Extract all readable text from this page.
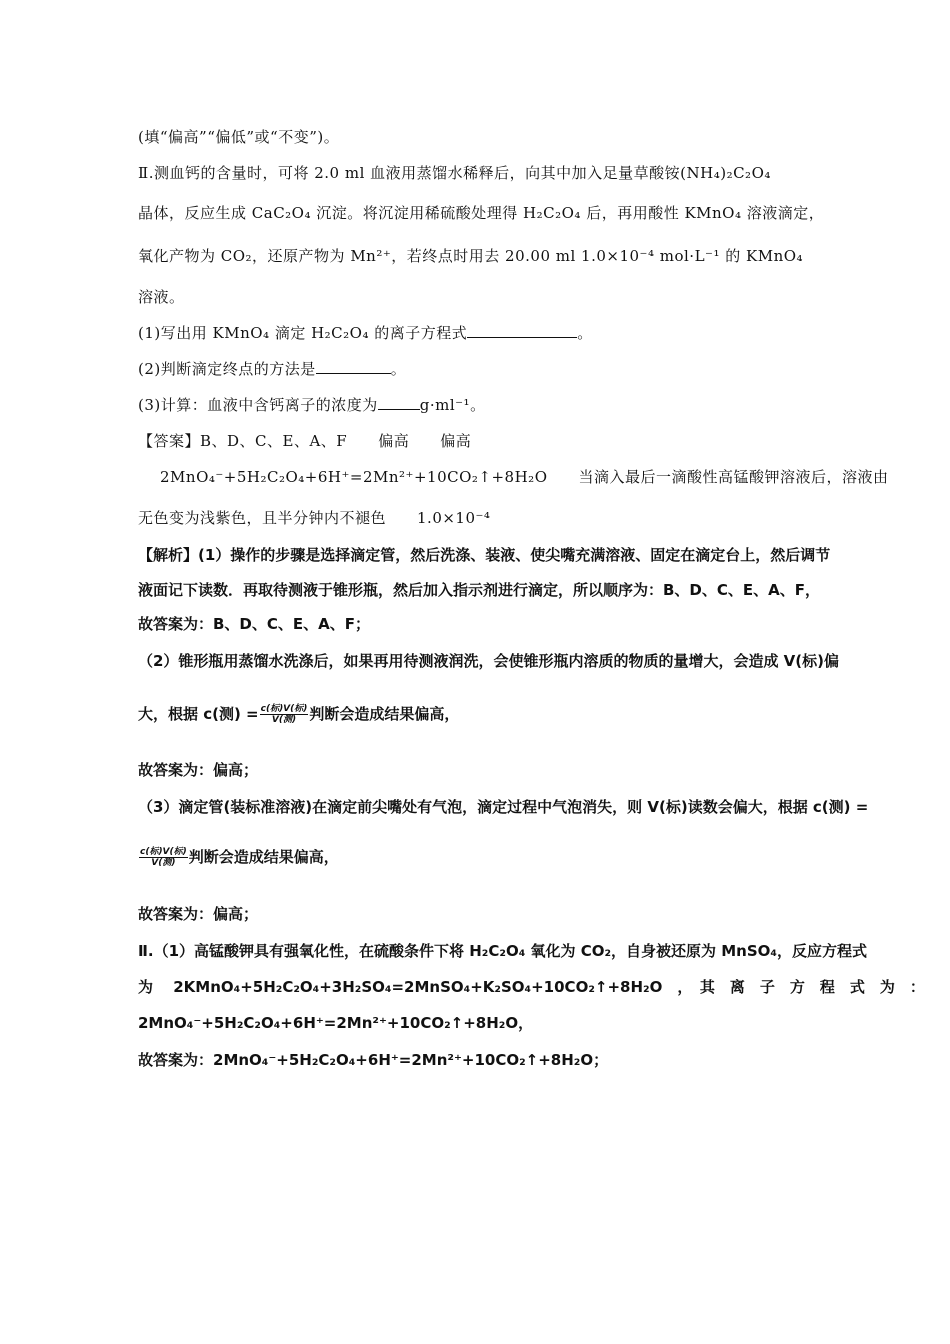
(填“偏高”“偏低”或“不变”)。
Ⅱ.测血钙的含量时，可将 2.0 ml 血液用蒸馏水稀释后，向其中加入足量草酸铵(NH₄)₂C₂O₄
晶体，反应生成 CaC₂O₄ 沉淀。将沉淀用稀硫酸处理得 H₂C₂O₄ 后，再用酸性 KMnO₄ 溶液滴定，
氧化产物为 CO₂，还原产物为 Mn²⁺，若终点时用去 20.00 ml 1.0×10⁻⁴ mol·L⁻¹ 的 KMnO₄
溶液。
(1)写出用 KMnO₄ 滴定 H₂C₂O₄ 的离子方程式	。
(2)判断滴定终点的方法是	。
(3)计算：血液中含钙离子的浓度为	g·ml⁻¹。
【答案】B、D、C、E、A、F　　偏高　　偏高
2MnO₄⁻+5H₂C₂O₄+6H⁺=2Mn²⁺+10CO₂↑+8H₂O　　当滴入最后一滴酸性高锰酸钾溶液后，溶液由
无色变为浅紫色，且半分钟内不褪色　　1.0×10⁻⁴
【解析】(1）操作的步骤是选择滴定管，然后洗涤、装液、使尖嘴充满溶液、固定在滴定台上，然后调节
液面记下读数．再取待测液于锥形瓶，然后加入指示剂进行滴定，所以顺序为：B、D、C、E、A、F，
故答案为：B、D、C、E、A、F；
（2）锥形瓶用蒸馏水洗涤后，如果再用待测液润洗，会使锥形瓶内溶质的物质的量增大，会造成 V(标)偏
大，根据 c(测) = $\frac{\text{c(标)V(标)}}{\text{V(测)}}$ 判断会造成结果偏高，
故答案为：偏高；
（3）滴定管(装标准溶液)在滴定前尖嘴处有气泡，滴定过程中气泡消失，则 V(标)读数会偏大，根据 c(测) =
$\frac{\text{c(标)V(标)}}{\text{V(测)}}$ 判断会造成结果偏高，
故答案为：偏高；
Ⅱ.（1）高锰酸钾具有强氧化性，在硫酸条件下将 H₂C₂O₄ 氧化为 CO₂，自身被还原为 MnSO₄，反应方程式
为　 2KMnO₄+5H₂C₂O₄+3H₂SO₄=2MnSO₄+K₂SO₄+10CO₂↑+8H₂O　，　其　离　子　方　程　式　为　：
2MnO₄⁻+5H₂C₂O₄+6H⁺=2Mn²⁺+10CO₂↑+8H₂O，
故答案为：2MnO₄⁻+5H₂C₂O₄+6H⁺=2Mn²⁺+10CO₂↑+8H₂O；
